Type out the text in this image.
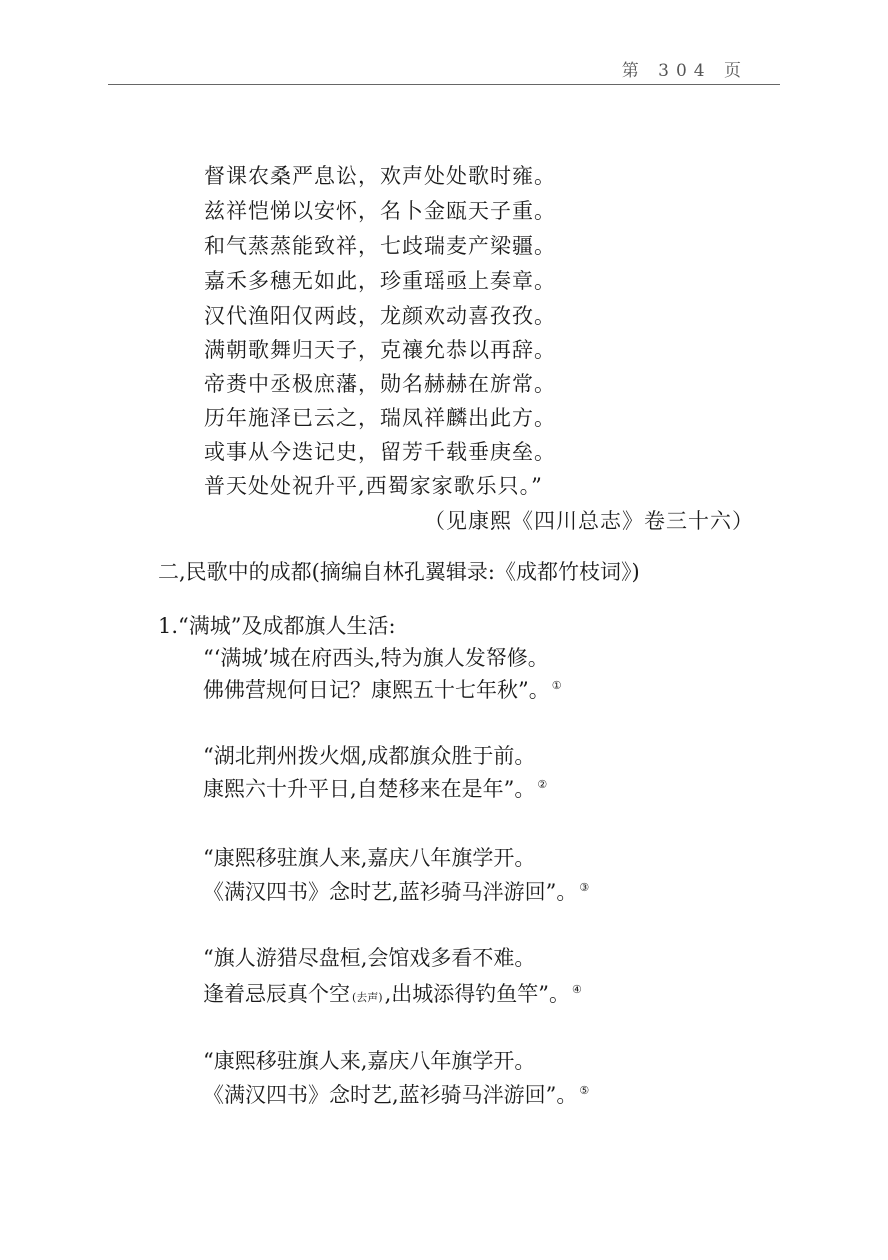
第 304 页
督课农桑严息讼，欢声处处歌时雍。
兹祥恺悌以安怀，名卜金瓯天子重。
和气蒸蒸能致祥，七歧瑞麦产梁疆。
嘉禾多穗无如此，珍重瑶亟上奏章。
汉代渔阳仅两歧，龙颜欢动喜孜孜。
满朝歌舞归天子，克禳允恭以再辞。
帝赉中丞极庶藩，勋名赫赫在旂常。
历年施泽已云之，瑞凤祥麟出此方。
或事从今迭记史，留芳千载垂庚垒。
普天处处祝升平,西蜀家家歌乐只。”
（见康熙《四川总志》卷三十六）
二,民歌中的成都(摘编自林孔翼辑录:《成都竹枝词》)
1.“满城”及成都旗人生活:
“‘满城’城在府西头,特为旗人发帑修。
佛佛营规何日记？康熙五十七年秋”。 ①
“湖北荆州拨火烟,成都旗众胜于前。
康熙六十升平日,自楚移来在是年”。 ②
“康熙移驻旗人来,嘉庆八年旗学开。
《满汉四书》念时艺,蓝衫骑马泮游回”。 ③
“旗人游猎尽盘桓,会馆戏多看不难。
逢着忌辰真个空 (去声),出城添得钓鱼竿”。 ④
“康熙移驻旗人来,嘉庆八年旗学开。
《满汉四书》念时艺,蓝衫骑马泮游回”。 ⑤
